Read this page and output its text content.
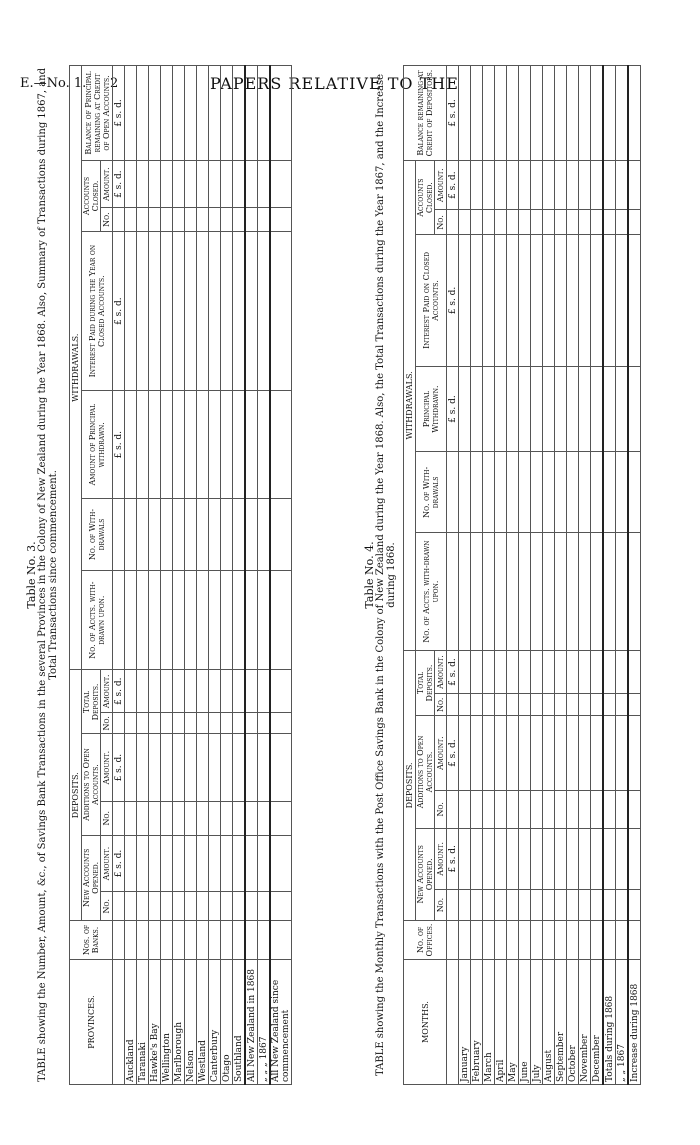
E.—No. 1. 2	PAPERS RELATIVE TO THE
Table No. 3. TABLE showing the Number, Amount, &c., of Savings Bank Transactions in the several Provinces in the Colony of New Zealand during the Year 1868. Also, Summary of Transactions during 1867, and Total Transactions since commencement.
PROVINCES.	Nos. of Banks.	DEPOSITS.						WITHDRAWALS.						
		New Accounts Opened.		Additions to Open Accounts.		Total Deposits.		No. of Accts. with-drawn upon.	No. of With-drawals	Amount of Principal withdrawn.	Interest Paid during the Year on Closed Accounts.	Accounts Closed.		Balance of Principal remaining at Credit of Open Accounts.
		No.	Amount.	No.	Amount.	No.	Amount.					No.	Amount.	
			£ s. d.		£ s. d.		£ s. d.			£ s. d.	£ s. d.		£ s. d.	£ s. d.
Auckland														
Taranaki														
Hawke's Bay														
Wellington														
Marlborough														
Nelson														
Westland														
Canterbury														
Otago														
Southland														
All New Zealand in 1868														
„ „ „ 1867														
All New Zealand since commencement														
Table No. 4. TABLE showing the Monthly Transactions with the Post Office Savings Bank in the Colony of New Zealand during the Year 1868. Also, the Total Transactions during the Year 1867, and the Increase during 1868.
MONTHS.	No. of Offices.	DEPOSITS.						WITHDRAWALS.						Balance remaining at Credit of Depositors.
		New Accounts Opened.		Additions to Open Accounts.		Total Deposits.		No. of Accts. with-drawn upon.	No. of With-drawals	Principal Withdrawn.	Interest Paid on Closed Accounts.	Accounts Closed.		
		No.	Amount.	No.	Amount.	No.	Amount.					No.	Amount.	
			£ s. d.		£ s. d.		£ s. d.			£ s. d.	£ s. d.		£ s. d.	£ s. d.
January														
February														
March														
April														
May														
June														
July														
August														
September														
October														
November														
December														
Totals during 1868														
„ „ 1867														
Increase during 1868														
